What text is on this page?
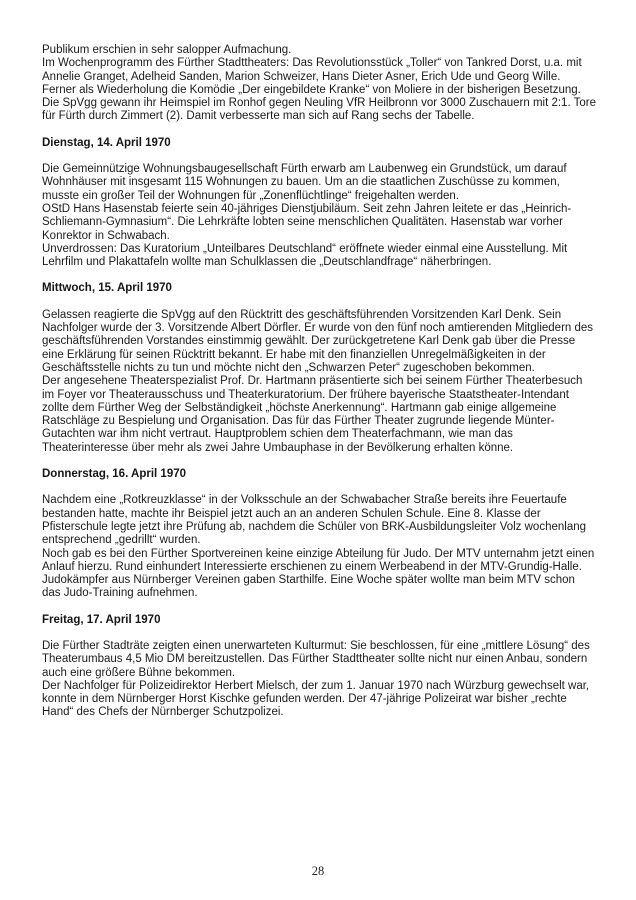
Publikum erschien in sehr salopper Aufmachung.

Im Wochenprogramm des Fürther Stadttheaters: Das Revolutionsstück „Toller“ von Tankred Dorst, u.a. mit Annelie Granget, Adelheid Sanden, Marion Schweizer, Hans Dieter Asner, Erich Ude und Georg Wille. Ferner als Wiederholung die Komödie „Der eingebildete Kranke“ von Moliere in der bisherigen Besetzung.

Die SpVgg gewann ihr Heimspiel im Ronhof gegen Neuling VfR Heilbronn vor 3000 Zuschauern mit 2:1. Tore für Fürth durch Zimmert (2). Damit verbesserte man sich auf Rang sechs der Tabelle.

Dienstag, 14. April 1970

Die Gemeinnützige Wohnungsbaugesellschaft Fürth erwarb am Laubenweg ein Grundstück, um darauf Wohnhäuser mit insgesamt 115 Wohnungen zu bauen. Um an die staatlichen Zuschüsse zu kommen, musste ein großer Teil der Wohnungen für „Zonenflüchtlinge“ freigehalten werden.

OStD Hans Hasenstab feierte sein 40-jähriges Dienstjubiläum. Seit zehn Jahren leitete er das „Heinrich-Schliemann-Gymnasium“. Die Lehrkräfte lobten seine menschlichen Qualitäten. Hasenstab war vorher Konrektor in Schwabach.

Unverdrossen: Das Kuratorium „Unteilbares Deutschland“ eröffnete wieder einmal eine Ausstellung. Mit Lehrfilm und Plakattafeln wollte man Schulklassen die „Deutschlandfrage“ näherbringen.

Mittwoch, 15. April 1970

Gelassen reagierte die SpVgg auf den Rücktritt des geschäftsführenden Vorsitzenden Karl Denk. Sein Nachfolger wurde der 3. Vorsitzende Albert Dörfler. Er wurde von den fünf noch amtierenden Mitgliedern des geschäftsführenden Vorstandes einstimmig gewählt. Der zurückgetretene Karl Denk gab über die Presse eine Erklärung für seinen Rücktritt bekannt. Er habe mit den finanziellen Unregelmäßigkeiten in der Geschäftsstelle nichts zu tun und möchte nicht den „Schwarzen Peter“ zugeschoben bekommen.

Der angesehene Theaterspezialist Prof. Dr. Hartmann präsentierte sich bei seinem Fürther Theaterbesuch im Foyer vor Theaterausschuss und Theaterkuratorium. Der frühere bayerische Staatstheater-Intendant zollte dem Fürther Weg der Selbständigkeit „höchste Anerkennung“. Hartmann gab einige allgemeine Ratschläge zu Bespielung und Organisation. Das für das Fürther Theater zugrunde liegende Münter-Gutachten war ihm nicht vertraut. Hauptproblem schien dem Theaterfachmann, wie man das Theaterinteresse über mehr als zwei Jahre Umbauphase in der Bevölkerung erhalten könne.

Donnerstag, 16. April 1970

Nachdem eine „Rotkreuzklasse“ in der Volksschule an der Schwabacher Straße bereits ihre Feuertaufe bestanden hatte, machte ihr Beispiel jetzt auch an an anderen Schulen Schule. Eine 8. Klasse der Pfisterschule legte jetzt ihre Prüfung ab, nachdem die Schüler von BRK-Ausbildungsleiter Volz wochenlang entsprechend „gedrillt“ wurden.

Noch gab es bei den Fürther Sportvereinen keine einzige Abteilung für Judo. Der MTV unternahm jetzt einen Anlauf hierzu. Rund einhundert Interessierte erschienen zu einem Werbeabend in der MTV-Grundig-Halle. Judokämpfer aus Nürnberger Vereinen gaben Starthilfe. Eine Woche später wollte man beim MTV schon das Judo-Training aufnehmen.

Freitag, 17. April 1970

Die Fürther Stadträte zeigten einen unerwarteten Kulturmut: Sie beschlossen, für eine „mittlere Lösung“ des Theaterumbaus 4,5 Mio DM bereitzustellen. Das Fürther Stadttheater sollte nicht nur einen Anbau, sondern auch eine größere Bühne bekommen.

Der Nachfolger für Polizeidirektor Herbert Mielsch, der zum 1. Januar 1970 nach Würzburg gewechselt war, konnte in dem Nürnberger Horst Kischke gefunden werden. Der 47-jährige Polizeirat war bisher „rechte Hand“ des Chefs der Nürnberger Schutzpolizei.

28
